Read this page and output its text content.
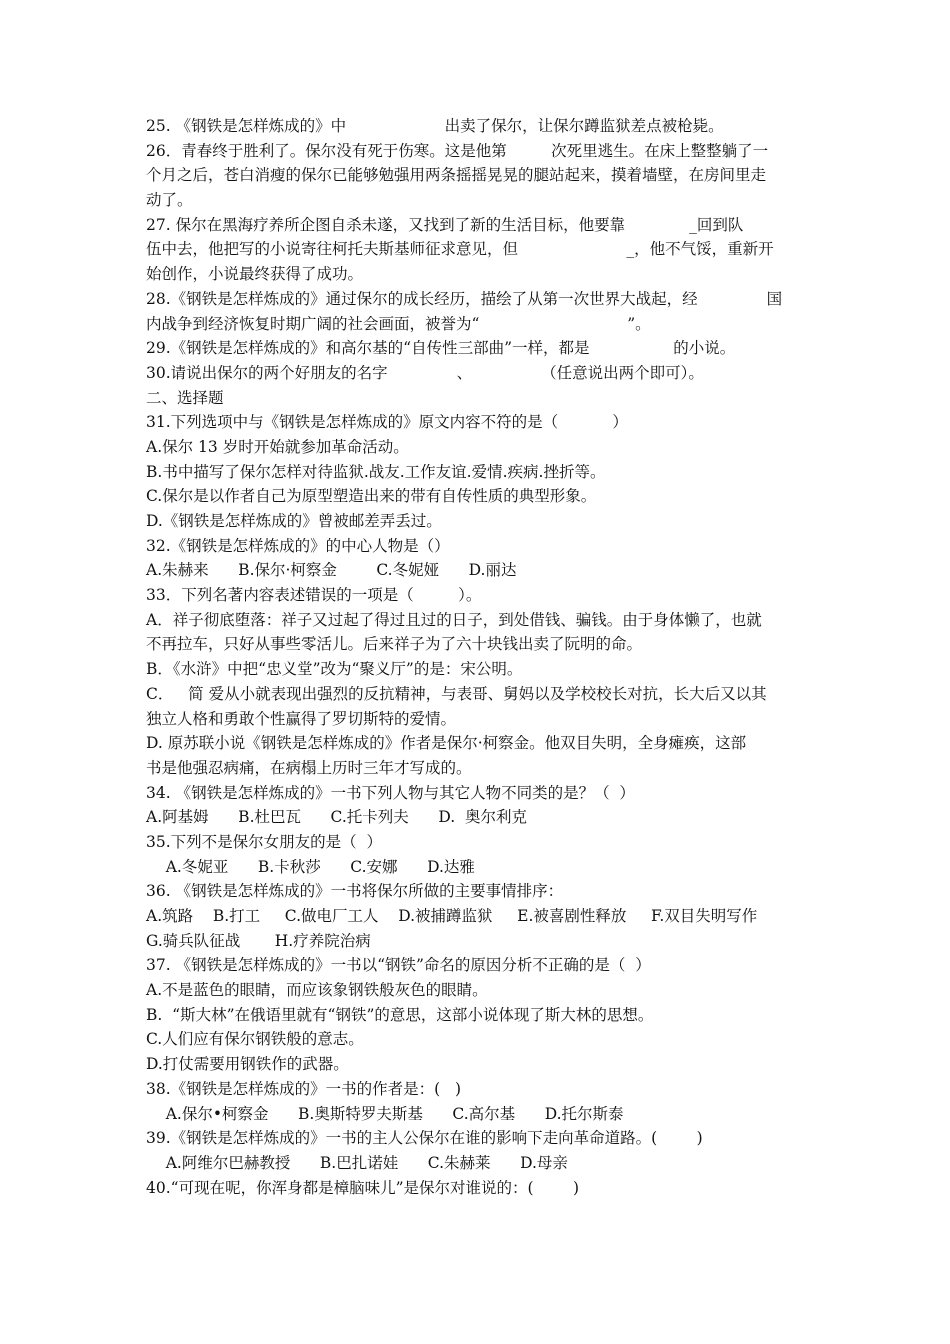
25. 《钢铁是怎样炼成的》中                    出卖了保尔，让保尔蹲监狱差点被枪毙。
26．青春终于胜利了。保尔没有死于伤寒。这是他第         次死里逃生。在床上整整躺了一
个月之后，苍白消瘦的保尔已能够勉强用两条摇摇晃晃的腿站起来，摸着墙壁，在房间里走
动了。
27. 保尔在黑海疗养所企图自杀未遂，又找到了新的生活目标，他要靠             _回到队
伍中去，他把写的小说寄往柯托夫斯基师征求意见，但                      _，他不气馁，重新开
始创作，小说最终获得了成功。
28.《钢铁是怎样炼成的》通过保尔的成长经历，描绘了从第一次世界大战起，经              国
内战争到经济恢复时期广阔的社会画面，被誉为“                              ”。
29.《钢铁是怎样炼成的》和高尔基的“自传性三部曲”一样，都是                 的小说。
30.请说出保尔的两个好朋友的名字              、              （任意说出两个即可）。
二、选择题
31.下列选项中与《钢铁是怎样炼成的》原文内容不符的是（           ）
A.保尔 13 岁时开始就参加革命活动。
B.书中描写了保尔怎样对待监狱.战友.工作友谊.爱情.疾病.挫折等。
C.保尔是以作者自己为原型塑造出来的带有自传性质的典型形象。
D.《钢铁是怎样炼成的》曾被邮差弄丢过。
32.《钢铁是怎样炼成的》的中心人物是（）
A.朱赫来      B.保尔·柯察金        C.冬妮娅      D.丽达
33．下列名著内容表述错误的一项是（         ）。
A．祥子彻底堕落：祥子又过起了得过且过的日子，到处借钱、骗钱。由于身体懒了，也就
不再拉车，只好从事些零活儿。后来祥子为了六十块钱出卖了阮明的命。
B．《水浒》中把“忠义堂”改为“聚义厅”的是：宋公明。
C．   简 爱从小就表现出强烈的反抗精神，与表哥、舅妈以及学校校长对抗，长大后又以其
独立人格和勇敢个性赢得了罗切斯特的爱情。
D. 原苏联小说《钢铁是怎样炼成的》作者是保尔·柯察金。他双目失明，全身瘫痪，这部
书是他强忍病痛，在病榻上历时三年才写成的。
34. 《钢铁是怎样炼成的》一书下列人物与其它人物不同类的是？（  ）
A.阿基姆      B.杜巴瓦      C.托卡列夫      D.  奥尔利克
35.下列不是保尔女朋友的是（  ）
A.冬妮亚      B.卡秋莎      C.安娜      D.达雅
36. 《钢铁是怎样炼成的》一书将保尔所做的主要事情排序：
A.筑路    B.打工     C.做电厂工人    D.被捕蹲监狱     E.被喜剧性释放     F.双目失明写作
G.骑兵队征战       H.疗养院治病
37. 《钢铁是怎样炼成的》一书以“钢铁”命名的原因分析不正确的是（  ）
A.不是蓝色的眼睛，而应该象钢铁般灰色的眼睛。
B.  “斯大林”在俄语里就有“钢铁”的意思，这部小说体现了斯大林的思想。
C.人们应有保尔钢铁般的意志。
D.打仗需要用钢铁作的武器。
38.《钢铁是怎样炼成的》一书的作者是：(   )
A.保尔•柯察金      B.奥斯特罗夫斯基      C.高尔基      D.托尔斯泰
39.《钢铁是怎样炼成的》一书的主人公保尔在谁的影响下走向革命道路。(        )
A.阿维尔巴赫教授      B.巴扎诺娃      C.朱赫莱      D.母亲
40.“可现在呢，你浑身都是樟脑味儿”是保尔对谁说的：(        )
